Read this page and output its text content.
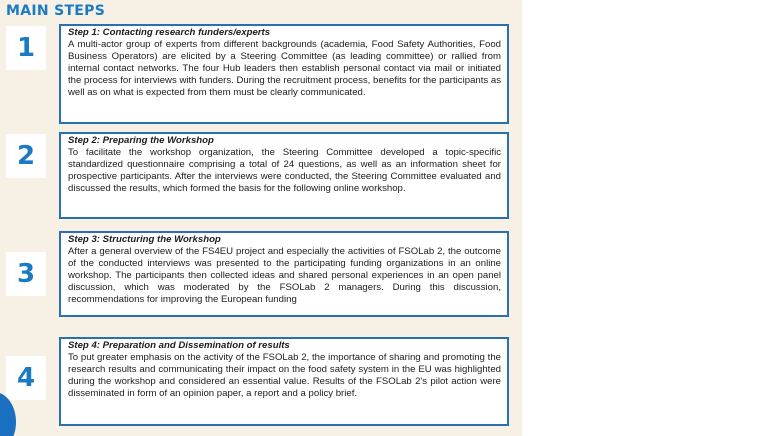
MAIN STEPS
1
Step 1: Contacting research funders/experts
A multi-actor group of experts from different backgrounds (academia, Food Safety Authorities, Food Business Operators) are elicited by a Steering Committee (as leading committee) or rallied from internal contact networks. The four Hub leaders then establish personal contact via mail or initiated the process for interviews with funders. During the recruitment process, benefits for the participants as well as on what is expected from them must be clearly communicated.
2
Step 2: Preparing the Workshop
To facilitate the workshop organization, the Steering Committee developed a topic-specific standardized questionnaire comprising a total of 24 questions, as well as an information sheet for prospective participants. After the interviews were conducted, the Steering Committee evaluated and discussed the results, which formed the basis for the following online workshop.
3
Step 3: Structuring the Workshop
After a general overview of the FS4EU project and especially the activities of FSOLab 2, the outcome of the conducted interviews was presented to the participating funding organizations in an online workshop. The participants then collected ideas and shared personal experiences in an open panel discussion, which was moderated by the FSOLab 2 managers. During this discussion, recommendations for improving the European funding
4
Step 4: Preparation and Dissemination of results
To put greater emphasis on the activity of the FSOLab 2, the importance of sharing and promoting the research results and communicating their impact on the food safety system in the EU was highlighted during the workshop and considered an essential value. Results of the FSOLab 2's pilot action were disseminated in form of an opinion paper, a report and a policy brief.
